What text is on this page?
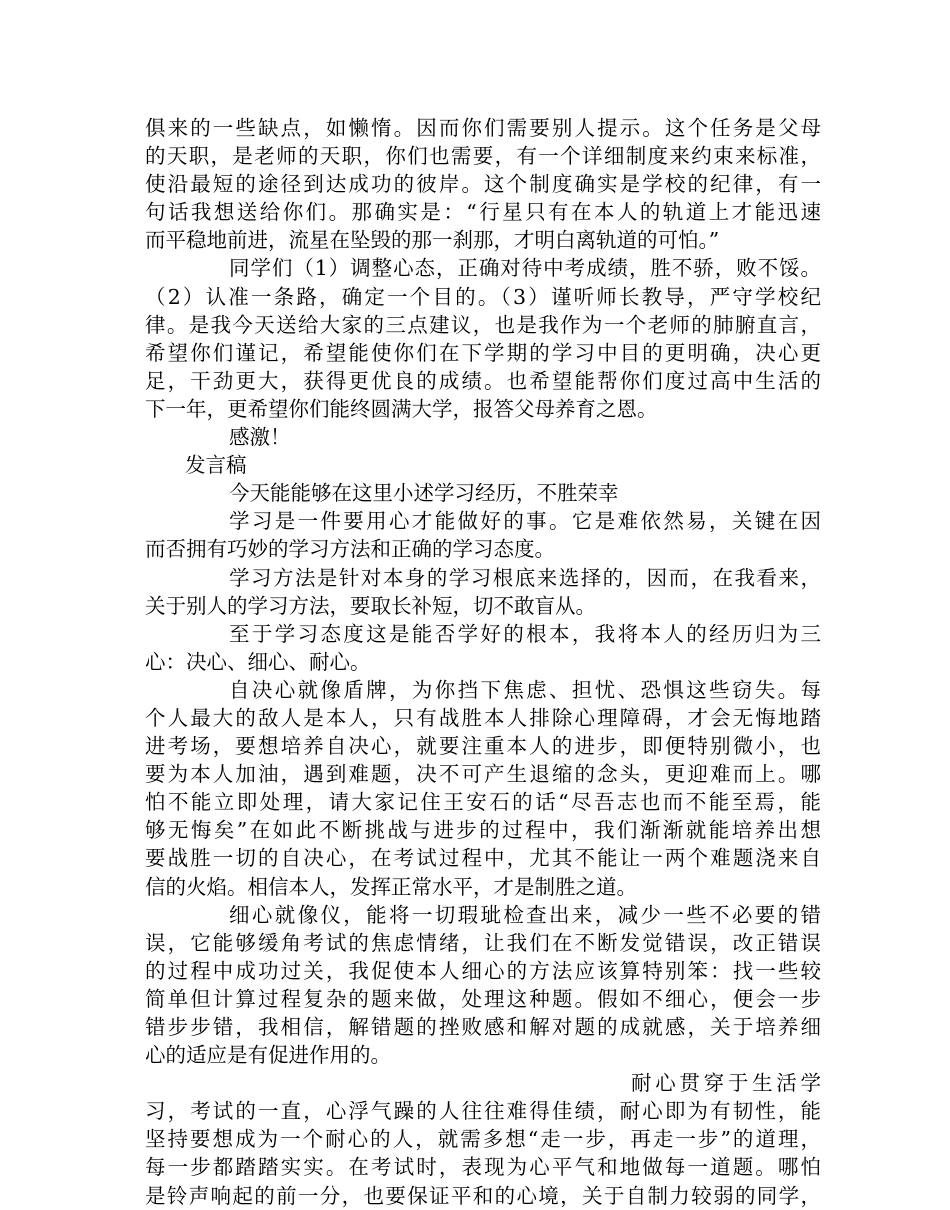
俱来的一些缺点，如懒惰。因而你们需要别人提示。这个任务是父母
的天职，是老师的天职，你们也需要，有一个详细制度来约束来标准，
使沿最短的途径到达成功的彼岸。这个制度确实是学校的纪律，有一
句话我想送给你们。那确实是：“行星只有在本人的轨道上才能迅速
而平稳地前进，流星在坠毁的那一刹那，才明白离轨道的可怕。”
同学们（1）调整心态，正确对待中考成绩，胜不骄，败不馁。
（2）认准一条路，确定一个目的。（3）谨听师长教导，严守学校纪
律。是我今天送给大家的三点建议，也是我作为一个老师的肺腑直言，
希望你们谨记，希望能使你们在下学期的学习中目的更明确，决心更
足，干劲更大，获得更优良的成绩。也希望能帮你们度过高中生活的
下一年，更希望你们能终圆满大学，报答父母养育之恩。
感激！
发言稿
今天能能够在这里小述学习经历，不胜荣幸
学习是一件要用心才能做好的事。它是难依然易，关键在因
而否拥有巧妙的学习方法和正确的学习态度。
学习方法是针对本身的学习根底来选择的，因而，在我看来，
关于别人的学习方法，要取长补短，切不敢盲从。
至于学习态度这是能否学好的根本，我将本人的经历归为三
心：决心、细心、耐心。
自决心就像盾牌，为你挡下焦虑、担忧、恐惧这些窃失。每
个人最大的敌人是本人，只有战胜本人排除心理障碍，才会无悔地踏
进考场，要想培养自决心，就要注重本人的进步，即便特别微小，也
要为本人加油，遇到难题，决不可产生退缩的念头，更迎难而上。哪
怕不能立即处理，请大家记住王安石的话“尽吾志也而不能至焉，能
够无悔矣”在如此不断挑战与进步的过程中，我们渐渐就能培养出想
要战胜一切的自决心，在考试过程中，尤其不能让一两个难题浇来自
信的火焰。相信本人，发挥正常水平，才是制胜之道。
细心就像仪，能将一切瑕玼检查出来，减少一些不必要的错
误，它能够缓角考试的焦虑情绪，让我们在不断发觉错误，改正错误
的过程中成功过关，我促使本人细心的方法应该算特别笨：找一些较
简单但计算过程复杂的题来做，处理这种题。假如不细心，便会一步
错步步错，我相信，解错题的挫败感和解对题的成就感，关于培养细
心的适应是有促进作用的。
耐心贯穿于生活学
习，考试的一直，心浮气躁的人往往难得佳绩，耐心即为有韧性，能
坚持要想成为一个耐心的人，就需多想“走一步，再走一步”的道理，
每一步都踏踏实实。在考试时，表现为心平气和地做每一道题。哪怕
是铃声响起的前一分，也要保证平和的心境，关于自制力较弱的同学，
